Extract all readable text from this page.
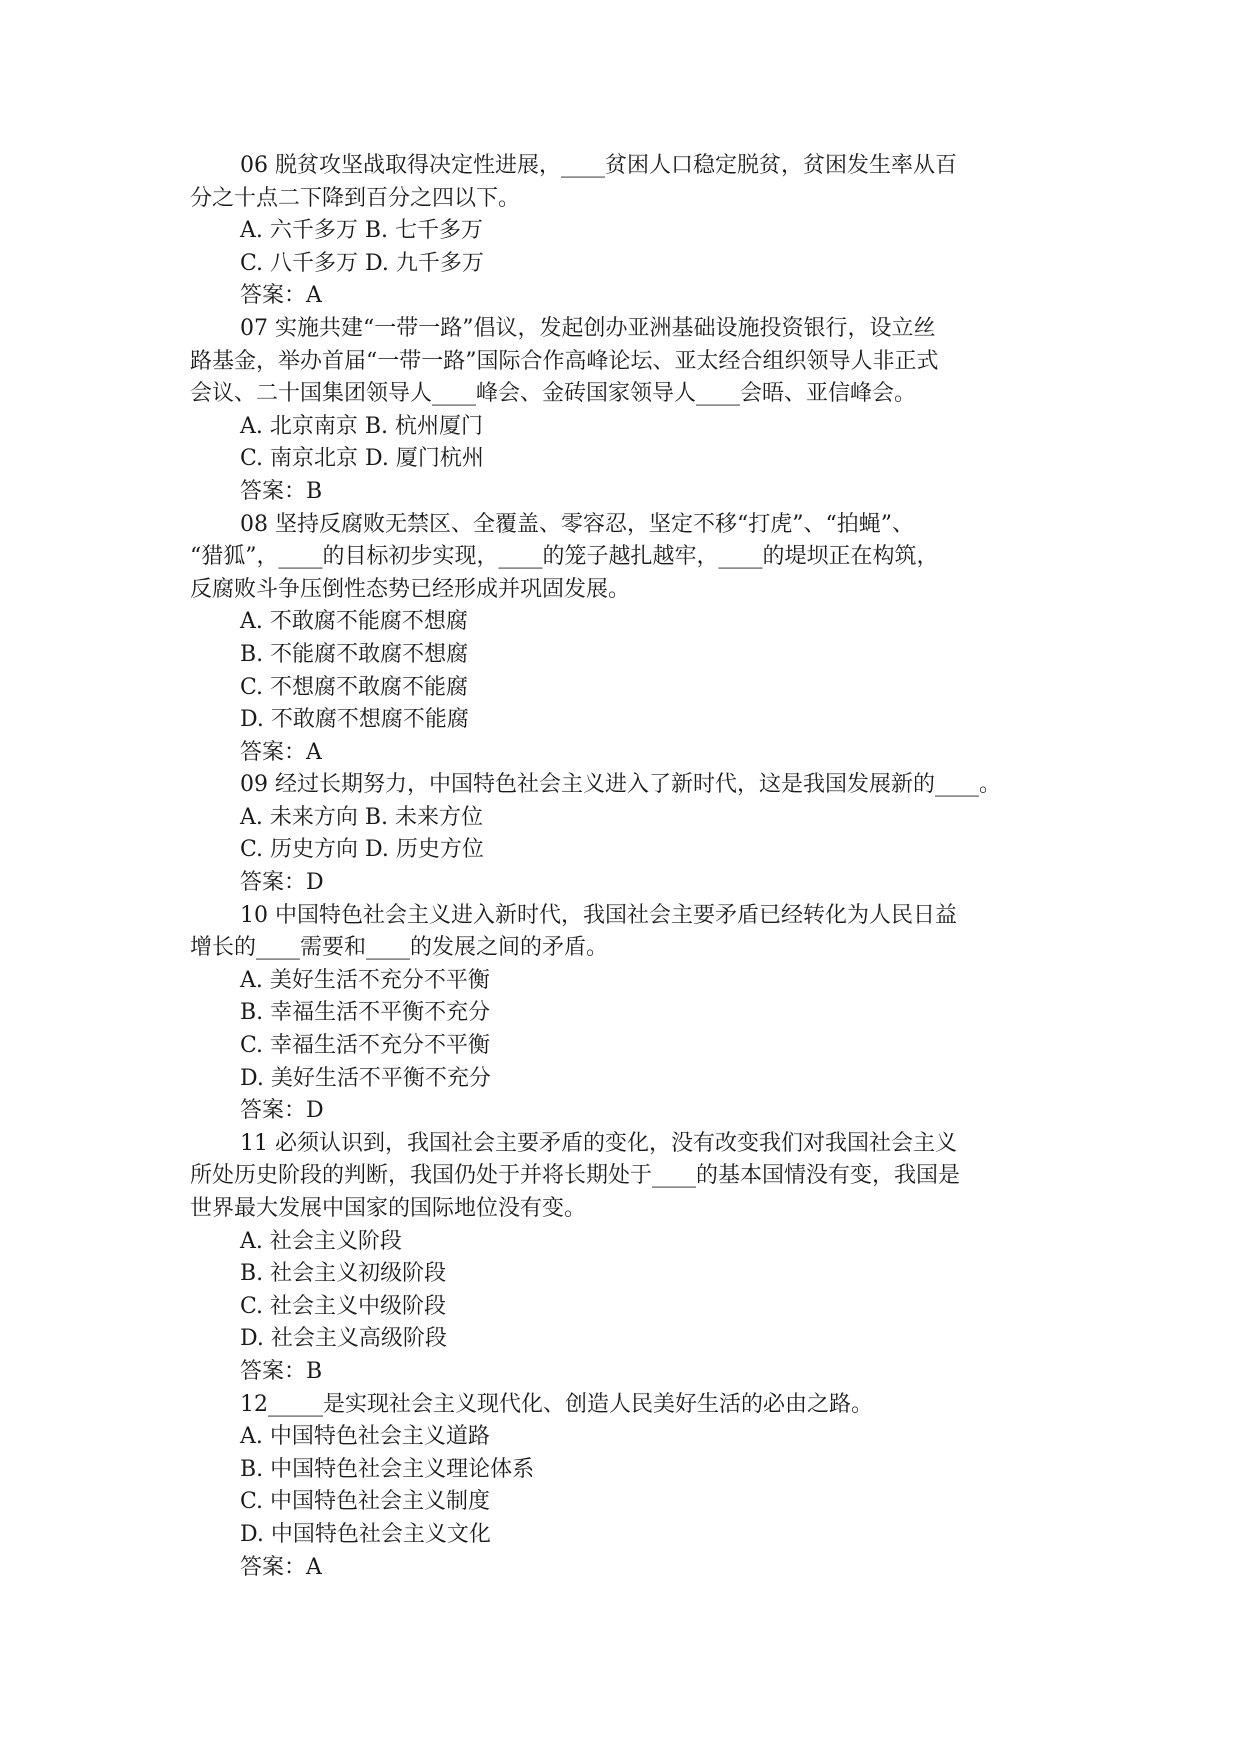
06 脱贫攻坚战取得决定性进展，____贫困人口稳定脱贫，贫困发生率从百
分之十点二下降到百分之四以下。
A. 六千多万 B. 七千多万
C. 八千多万 D. 九千多万
答案：A
07 实施共建“一带一路”倡议，发起创办亚洲基础设施投资银行，设立丝
路基金，举办首届“一带一路”国际合作高峰论坛、亚太经合组织领导人非正式
会议、二十国集团领导人____峰会、金砖国家领导人____会晤、亚信峰会。
A. 北京南京 B. 杭州厦门
C. 南京北京 D. 厦门杭州
答案：B
08 坚持反腐败无禁区、全覆盖、零容忍，坚定不移“打虎”、“拍蝇”、
“猎狐”，____的目标初步实现，____的笼子越扎越牢，____的堤坝正在构筑，
反腐败斗争压倒性态势已经形成并巩固发展。
A. 不敢腐不能腐不想腐
B. 不能腐不敢腐不想腐
C. 不想腐不敢腐不能腐
D. 不敢腐不想腐不能腐
答案：A
09 经过长期努力，中国特色社会主义进入了新时代，这是我国发展新的____。
A. 未来方向 B. 未来方位
C. 历史方向 D. 历史方位
答案：D
10 中国特色社会主义进入新时代，我国社会主要矛盾已经转化为人民日益
增长的____需要和____的发展之间的矛盾。
A. 美好生活不充分不平衡
B. 幸福生活不平衡不充分
C. 幸福生活不充分不平衡
D. 美好生活不平衡不充分
答案：D
11 必须认识到，我国社会主要矛盾的变化，没有改变我们对我国社会主义
所处历史阶段的判断，我国仍处于并将长期处于____的基本国情没有变，我国是
世界最大发展中国家的国际地位没有变。
A. 社会主义阶段
B. 社会主义初级阶段
C. 社会主义中级阶段
D. 社会主义高级阶段
答案：B
12_____是实现社会主义现代化、创造人民美好生活的必由之路。
A. 中国特色社会主义道路
B. 中国特色社会主义理论体系
C. 中国特色社会主义制度
D. 中国特色社会主义文化
答案：A
